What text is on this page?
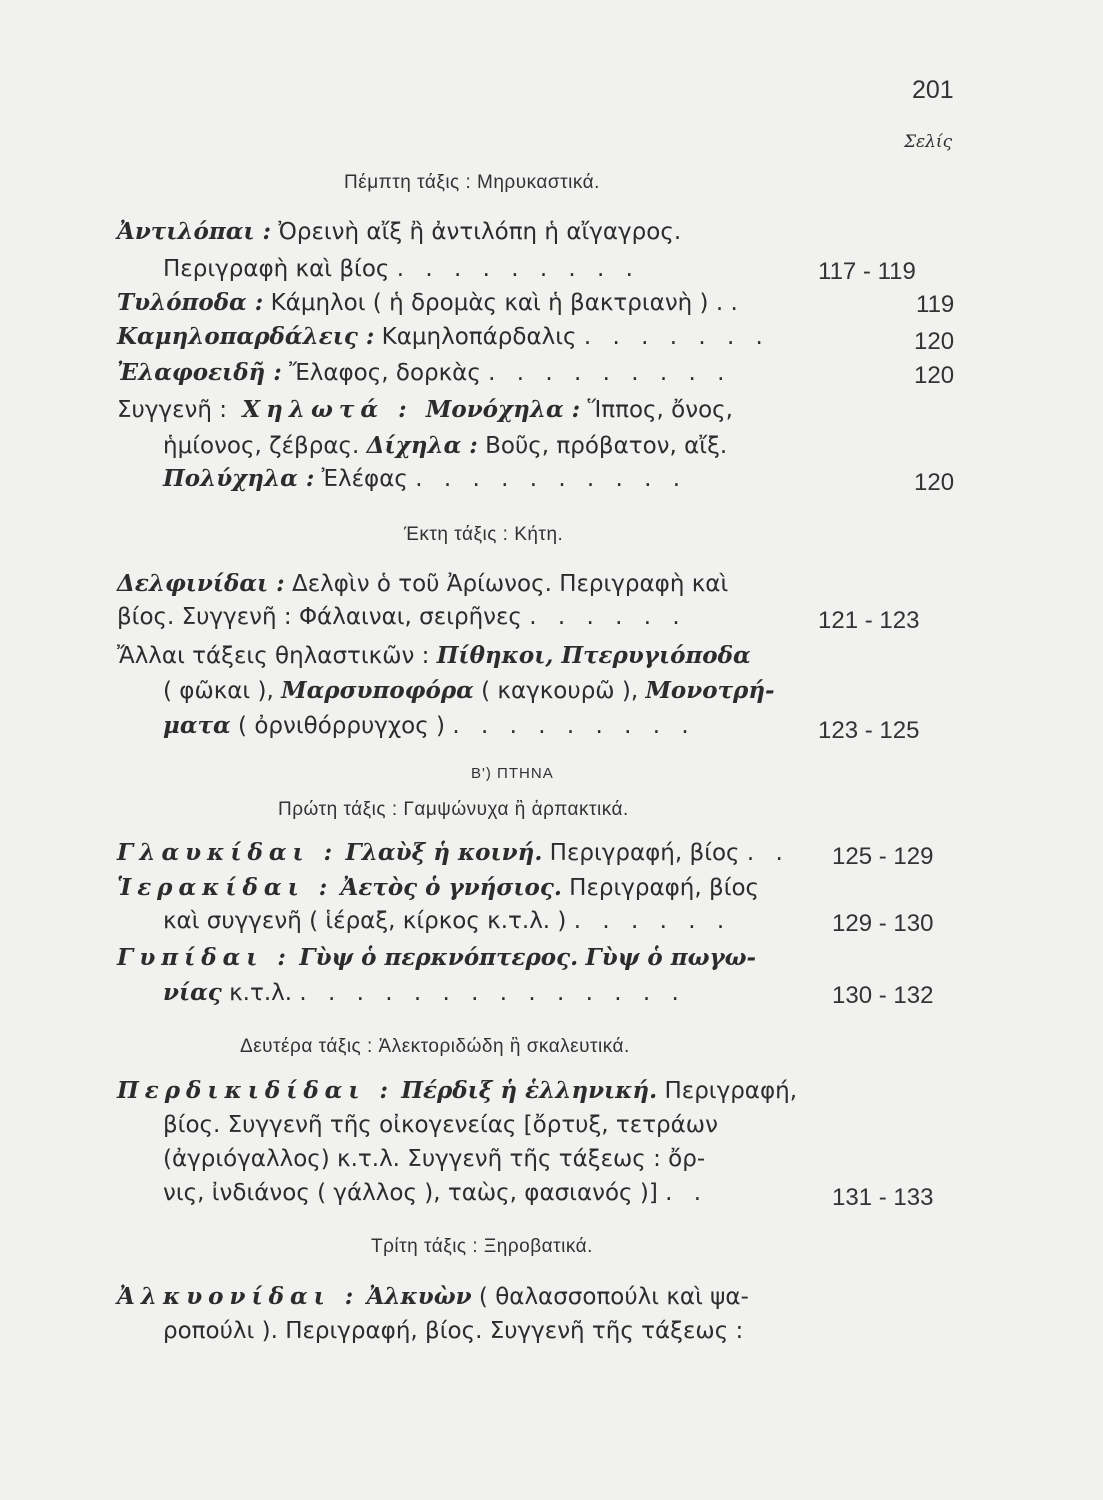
201
Σελίς
Πέμπτη τάξις : Μηρυκαστικά.
Ἀντιλόπαι : Ὀρεινὴ αἴξ ἢ ἀντιλόπη ἡ αἴγαγρος.
Περιγραφὴ καὶ βίος . . . . . . . . .	117 - 119
Τυλόποδα : Κάμηλοι ( ἡ δρομὰς καὶ ἡ βακτριανὴ ) . .	119
Καμηλοπαρδάλεις : Καμηλοπάρδαλις . . . . . . .	120
Ἐλαφοειδῆ : Ἔλαφος, δορκὰς . . . . . . . . .	120
Συγγενῆ : Χηλωτά : Μονόχηλα : Ἵππος, ὄνος,
ἡμίονος, ζέβρας. Δίχηλα : Βοῦς, πρόβατον, αἴξ.
Πολύχηλα : Ἐλέφας . . . . . . . . . .	120
Έκτη τάξις : Κήτη.
Δελφινίδαι : Δελφὶν ὁ τοῦ Ἀρίωνος. Περιγραφὴ καὶ
βίος. Συγγενῆ : Φάλαιναι, σειρῆνες . . . . . .	121 - 123
Ἄλλαι τάξεις θηλαστικῶν : Πίθηκοι, Πτερυγιόποδα
( φῶκαι ), Μαρσυποφόρα ( καγκουρῶ ), Μονοτρή-
ματα ( ὀρνιθόρρυγχος ) . . . . . . . . .	123 - 125
Β') ΠΤΗΝΑ
Πρώτη τάξις : Γαμψώνυχα ἢ ἁρπακτικά.
Γλαυκίδαι : Γλαὺξ ἡ κοινή. Περιγραφή, βίος . . 125 - 129
Ἱερακίδαι : Ἀετὸς ὁ γνήσιος. Περιγραφή, βίος
καὶ συγγενῆ ( ἱέραξ, κίρκος κ.τ.λ. ) . . . . . .	129 - 130
Γυπίδαι : Γὺψ ὁ περκνόπτερος. Γὺψ ὁ πωγω-
νίας κ.τ.λ. . . . . . . . . . . . . . .	130 - 132
Δευτέρα τάξις : Ἀλεκτοριδώδη ἢ σκαλευτικά.
Περδικιδίδαι : Πέρδιξ ἡ ἑλληνική. Περιγραφή,
βίος. Συγγενῆ τῆς οἰκογενείας [ὄρτυξ, τετράων
(ἀγριόγαλλος) κ.τ.λ. Συγγενῆ τῆς τάξεως : ὄρ-
νις, ἰνδιάνος ( γάλλος ), ταὼς, φασιανός )] . .	131 - 133
Τρίτη τάξις : Ξηροβατικά.
Ἀλκυονίδαι : Ἀλκυὼν ( θαλασσοπούλι καὶ ψα-
ροπούλι ). Περιγραφή, βίος. Συγγενῆ τῆς τάξεως :
